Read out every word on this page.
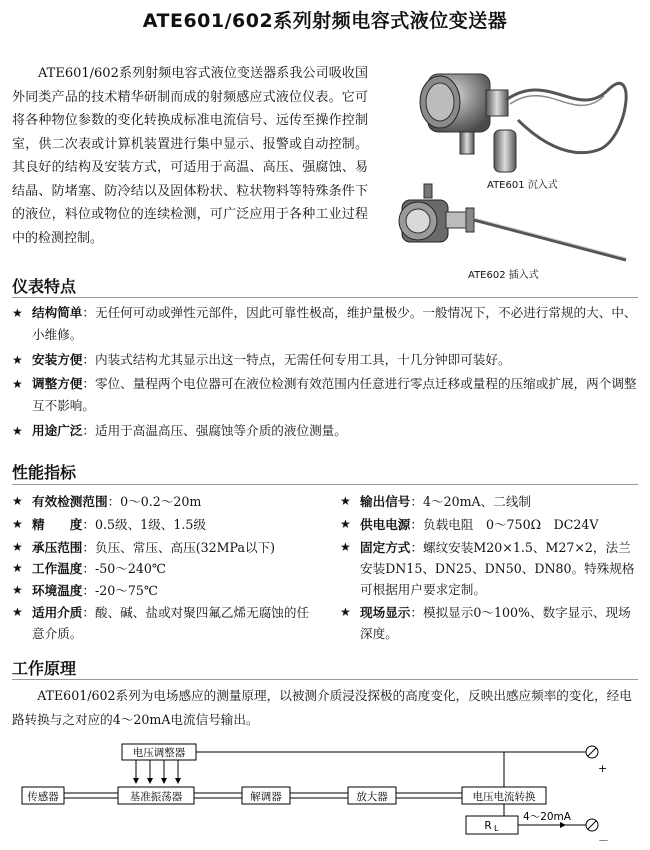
ATE601/602系列射频电容式液位变送器

ATE601/602系列射频电容式液位变送器系我公司吸收国外同类产品的技术精华研制而成的射频感应式液位仪表。它可将各种物位参数的变化转换成标准电流信号、远传至操作控制室，供二次表或计算机装置进行集中显示、报警或自动控制。其良好的结构及安装方式，可适用于高温、高压、强腐蚀、易结晶、防堵塞、防冷结以及固体粉状、粒状物料等特殊条件下的液位，料位或物位的连续检测，可广泛应用于各种工业过程中的检测控制。

ATE601 沉入式
ATE602 插入式
仪表特点
★ 结构简单：无任何可动或弹性元部件，因此可靠性极高，维护量极少。一般情况下，不必进行常规的大、中、小维修。
★ 安装方便：内装式结构尤其显示出这一特点，无需任何专用工具，十几分钟即可装好。
★ 调整方便：零位、量程两个电位器可在液位检测有效范围内任意进行零点迁移或量程的压缩或扩展，两个调整互不影响。
★ 用途广泛：适用于高温高压、强腐蚀等介质的液位测量。
性能指标
★ 有效检测范围：0～0.2～20m
★ 精　　度：0.5级、1级、1.5级
★ 承压范围：负压、常压、高压(32MPa以下)
★ 工作温度：-50～240℃
★ 环境温度：-20～75℃
★ 适用介质：酸、碱、盐或对聚四氟乙烯无腐蚀的任意介质。
★ 输出信号：4～20mA、二线制
★ 供电电源：负载电阻　0～750Ω　DC24V
★ 固定方式：螺纹安装M20×1.5、M27×2，法兰安装DN15、DN25、DN50、DN80。特殊规格可根据用户要求定制。
★ 现场显示：模拟显示0～100%、数字显示、现场深度。
工作原理

ATE601/602系列为电场感应的测量原理，以被测介质浸没探极的高度变化，反映出感应频率的变化，经电路转换与之对应的4～20mA电流信号输出。

电压调整器
传感器	基准振荡器	解调器	放大器	电压电流转换
R
4～20mA
L
+
－
